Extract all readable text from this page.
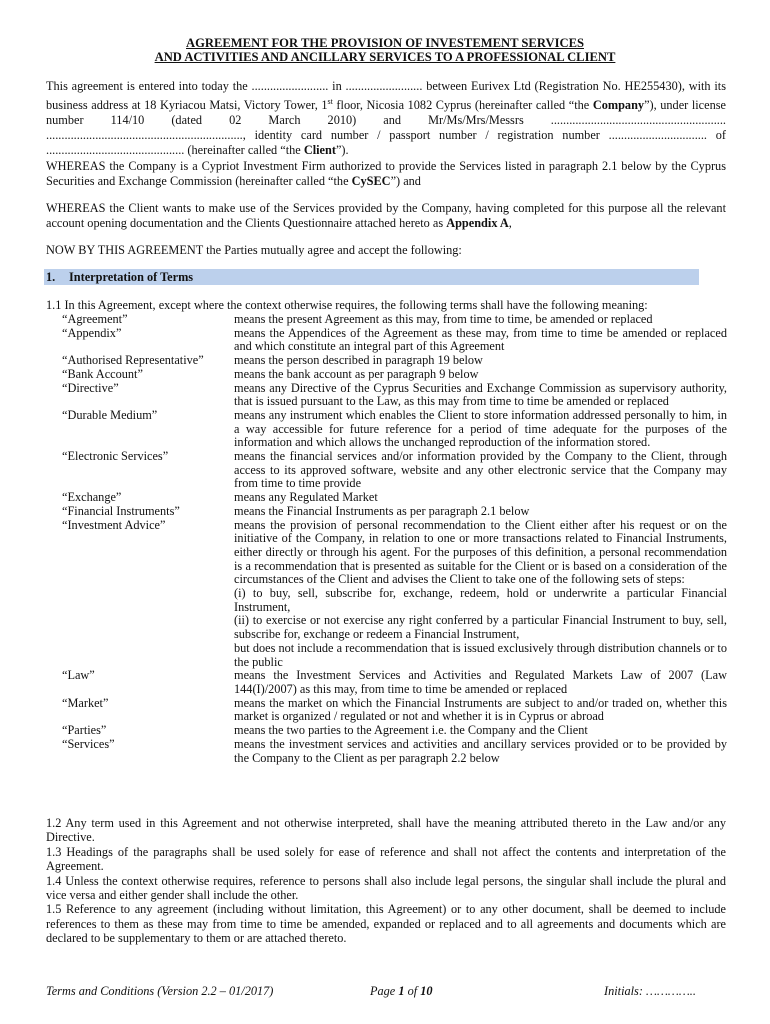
AGREEMENT FOR THE PROVISION OF INVESTEMENT SERVICES
AND ACTIVITIES AND ANCILLARY SERVICES TO A PROFESSIONAL CLIENT

This agreement is entered into today the ......................... in ......................... between Eurivex Ltd (Registration No. HE255430), with its business address at 18 Kyriacou Matsi, Victory Tower, 1st floor, Nicosia 1082 Cyprus (hereinafter called “the Company”), under license number 114/10 (dated 02 March 2010) and Mr/Ms/Mrs/Messrs ......................................................... ................................................................, identity card number / passport number / registration number ................................ of ............................................. (hereinafter called “the Client”).

WHEREAS the Company is a Cypriot Investment Firm authorized to provide the Services listed in paragraph 2.1 below by the Cyprus Securities and Exchange Commission (hereinafter called “the CySEC”) and

WHEREAS the Client wants to make use of the Services provided by the Company, having completed for this purpose all the relevant account opening documentation and the Clients Questionnaire attached hereto as Appendix A,

NOW BY THIS AGREEMENT the Parties mutually agree and accept the following:

1. Interpretation of Terms
1.1 In this Agreement, except where the context otherwise requires, the following terms shall have the following meaning:
“Agreement”	means the present Agreement as this may, from time to time, be amended or replaced

“Appendix”	means the Appendices of the Agreement as these may, from time to time be amended or replaced and which constitute an integral part of this Agreement

“Authorised Representative”	means the person described in paragraph 19 below

“Bank Account”	means the bank account as per paragraph 9 below

“Directive”	means any Directive of the Cyprus Securities and Exchange Commission as supervisory authority, that is issued pursuant to the Law, as this may from time to time be amended or replaced

“Durable Medium”	means any instrument which enables the Client to store information addressed personally to him, in a way accessible for future reference for a period of time adequate for the purposes of the information and which allows the unchanged reproduction of the information stored.

“Electronic Services”	means the financial services and/or information provided by the Company to the Client, through access to its approved software, website and any other electronic service that the Company may from time to time provide

“Exchange”	means any Regulated Market

“Financial Instruments”	means the Financial Instruments as per paragraph 2.1 below

“Investment Advice”	means the provision of personal recommendation to the Client either after his request or on the initiative of the Company, in relation to one or more transactions related to Financial Instruments, either directly or through his agent. For the purposes of this definition, a personal recommendation is a recommendation that is presented as suitable for the Client or is based on a consideration of the circumstances of the Client and advises the Client to take one of the following sets of steps:

(i) to buy, sell, subscribe for, exchange, redeem, hold or underwrite a particular Financial Instrument,

(ii) to exercise or not exercise any right conferred by a particular Financial Instrument to buy, sell, subscribe for, exchange or redeem a Financial Instrument,

but does not include a recommendation that is issued exclusively through distribution channels or to the public

“Law”	means the Investment Services and Activities and Regulated Markets Law of 2007 (Law 144(I)/2007) as this may, from time to time be amended or replaced

“Market”	means the market on which the Financial Instruments are subject to and/or traded on, whether this market is organized / regulated or not and whether it is in Cyprus or abroad

“Parties”	means the two parties to the Agreement i.e. the Company and the Client

“Services”	means the investment services and activities and ancillary services provided or to be provided by the Company to the Client as per paragraph 2.2 below

1.2 Any term used in this Agreement and not otherwise interpreted, shall have the meaning attributed thereto in the Law and/or any Directive.

1.3 Headings of the paragraphs shall be used solely for ease of reference and shall not affect the contents and interpretation of the Agreement.

1.4 Unless the context otherwise requires, reference to persons shall also include legal persons, the singular shall include the plural and vice versa and either gender shall include the other.

1.5 Reference to any agreement (including without limitation, this Agreement) or to any other document, shall be deemed to include references to them as these may from time to time be amended, expanded or replaced and to all agreements and documents which are declared to be supplementary to them or are attached thereto.

Terms and Conditions (Version 2.2 – 01/2017)	Page 1 of 10	Initials: …………..
